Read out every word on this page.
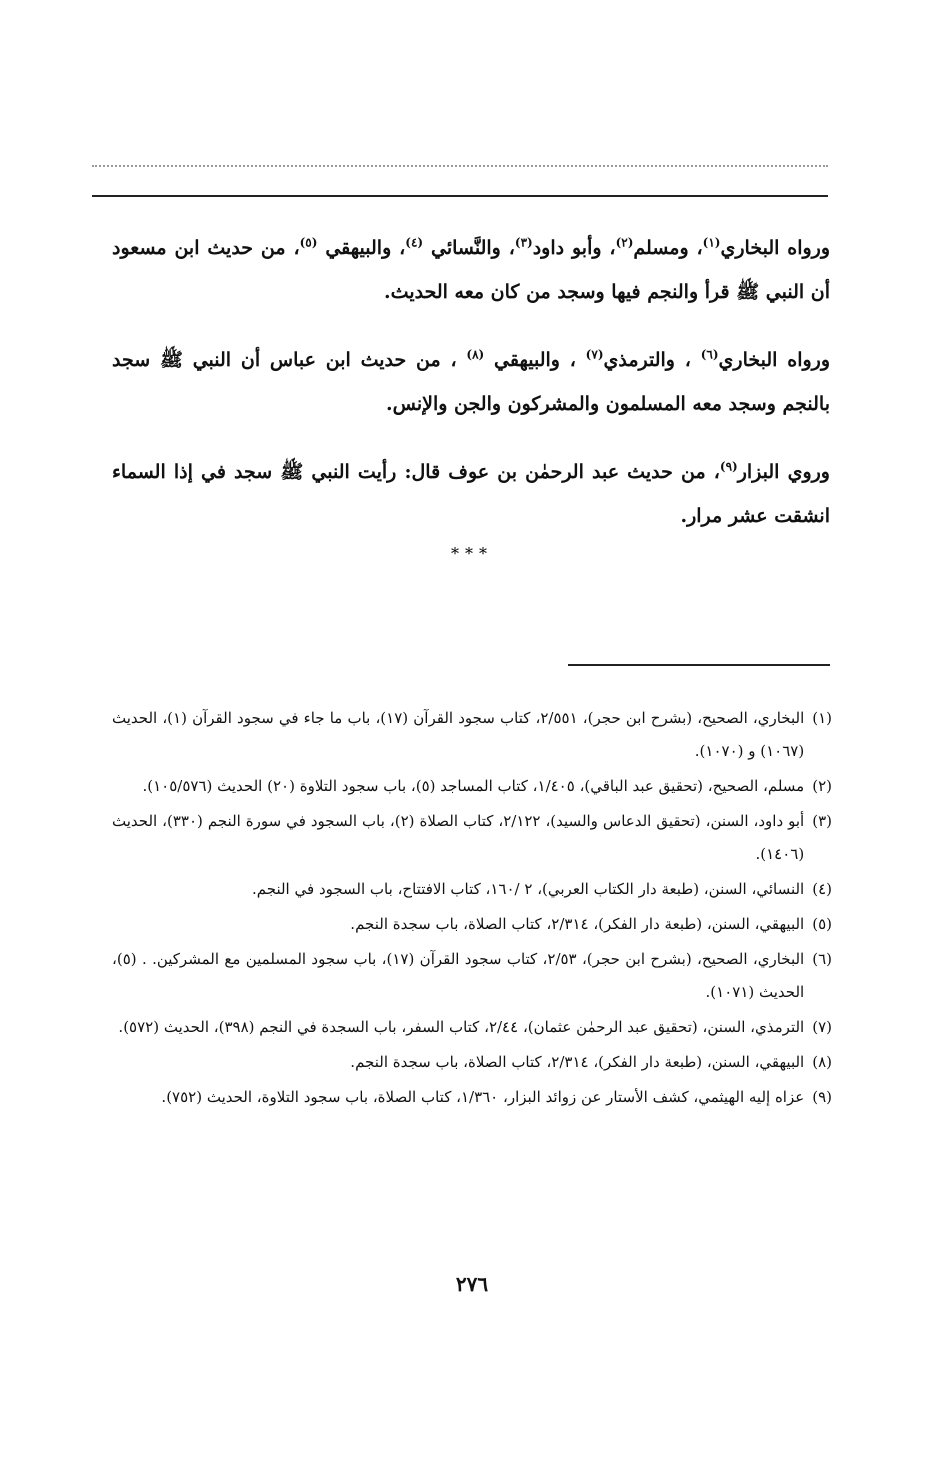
ورواه البخاري$^{(١)}$، ومسلم$^{(٢)}$، وأبو داود$^{(٣)}$، والنَّسائي $^{(٤)}$، والبيهقي $^{(٥)}$، من حديث ابن مسعود أن النبي ﷺ قرأ والنجم فيها وسجد من كان معه الحديث.

ورواه البخاري$^{(٦)}$ ، والترمذي$^{(٧)}$ ، والبيهقي $^{(٨)}$ ، من حديث ابن عباس أن النبي ﷺ سجد بالنجم وسجد معه المسلمون والمشركون والجن والإنس.

وروي البزار$^{(٩)}$، من حديث عبد الرحمٰن بن عوف قال: رأيت النبي ﷺ سجد في إذا السماء انشقت عشر مرار.

***
(١)
البخاري، الصحيح، (بشرح ابن حجر)، ٢/٥٥١، كتاب سجود القرآن (١٧)، باب ما جاء في سجود القرآن (١)، الحديث (١٠٦٧) و (١٠٧٠).
(٢)
مسلم، الصحيح، (تحقيق عبد الباقي)، ١/٤٠٥، كتاب المساجد (٥)، باب سجود التلاوة (٢٠) الحديث (١٠٥/٥٧٦).
(٣)
أبو داود، السنن، (تحقيق الدعاس والسيد)، ٢/١٢٢، كتاب الصلاة (٢)، باب السجود في سورة النجم (٣٣٠)، الحديث (١٤٠٦).
(٤)
النسائي، السنن، (طبعة دار الكتاب العربي)، ٢ /١٦٠، كتاب الافتتاح، باب السجود في النجم.
(٥)
البيهقي، السنن، (طبعة دار الفكر)، ٢/٣١٤، كتاب الصلاة، باب سجدة النجم.
(٦)
البخاري، الصحيح، (بشرح ابن حجر)، ٢/٥٣، كتاب سجود القرآن (١٧)، باب سجود المسلمين مع المشركين. . (٥)، الحديث (١٠٧١).
(٧)
الترمذي، السنن، (تحقيق عبد الرحمٰن عثمان)، ٢/٤٤، كتاب السفر، باب السجدة في النجم (٣٩٨)، الحديث (٥٧٢).
(٨)
البيهقي، السنن، (طبعة دار الفكر)، ٢/٣١٤، كتاب الصلاة، باب سجدة النجم.
(٩)
عزاه إليه الهيثمي، كشف الأستار عن زوائد البزار، ١/٣٦٠، كتاب الصلاة، باب سجود التلاوة، الحديث (٧٥٢).
٢٧٦
